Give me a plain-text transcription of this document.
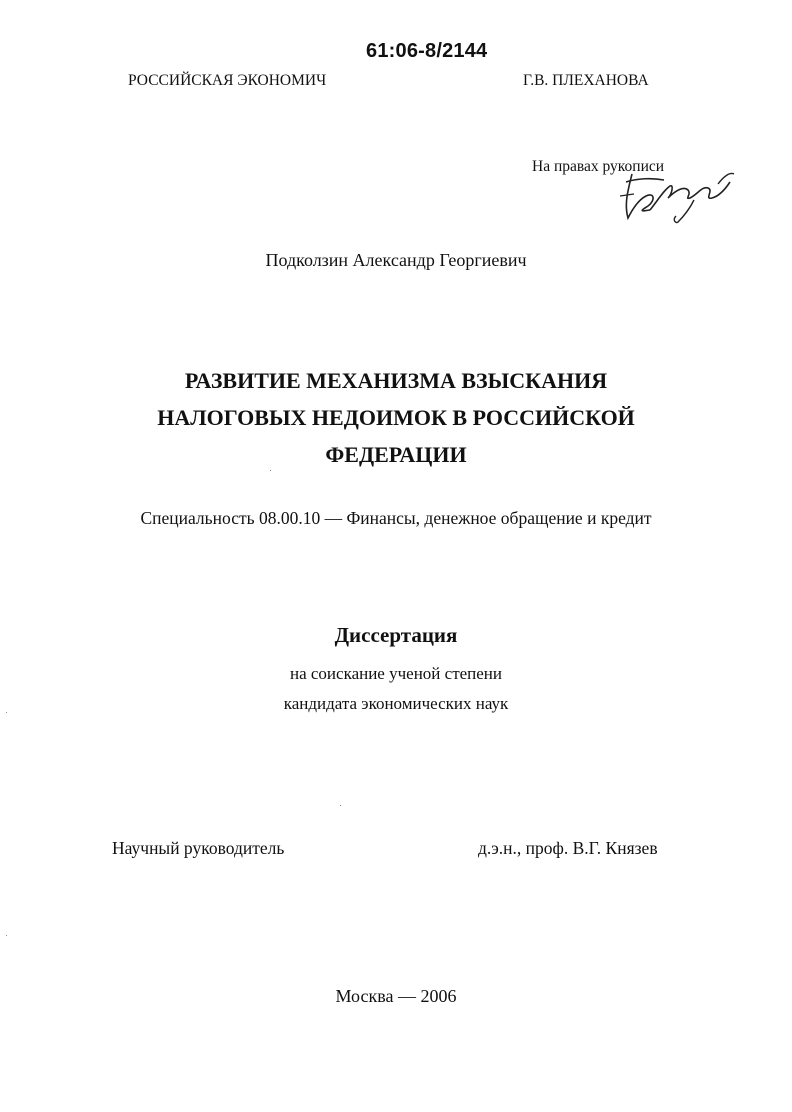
61:06-8/2144
РОССИЙСКАЯ ЭКОНОМИЧ	Г.В. ПЛЕХАНОВА
На правах рукописи
Подколзин Александр Георгиевич
РАЗВИТИЕ МЕХАНИЗМА ВЗЫСКАНИЯ
НАЛОГОВЫХ НЕДОИМОК В РОССИЙСКОЙ
ФЕДЕРАЦИИ
Специальность 08.00.10 — Финансы, денежное обращение и кредит
Диссертация
на соискание ученой степени
кандидата экономических наук
Научный руководитель	д.э.н., проф. В.Г. Князев
Москва — 2006
